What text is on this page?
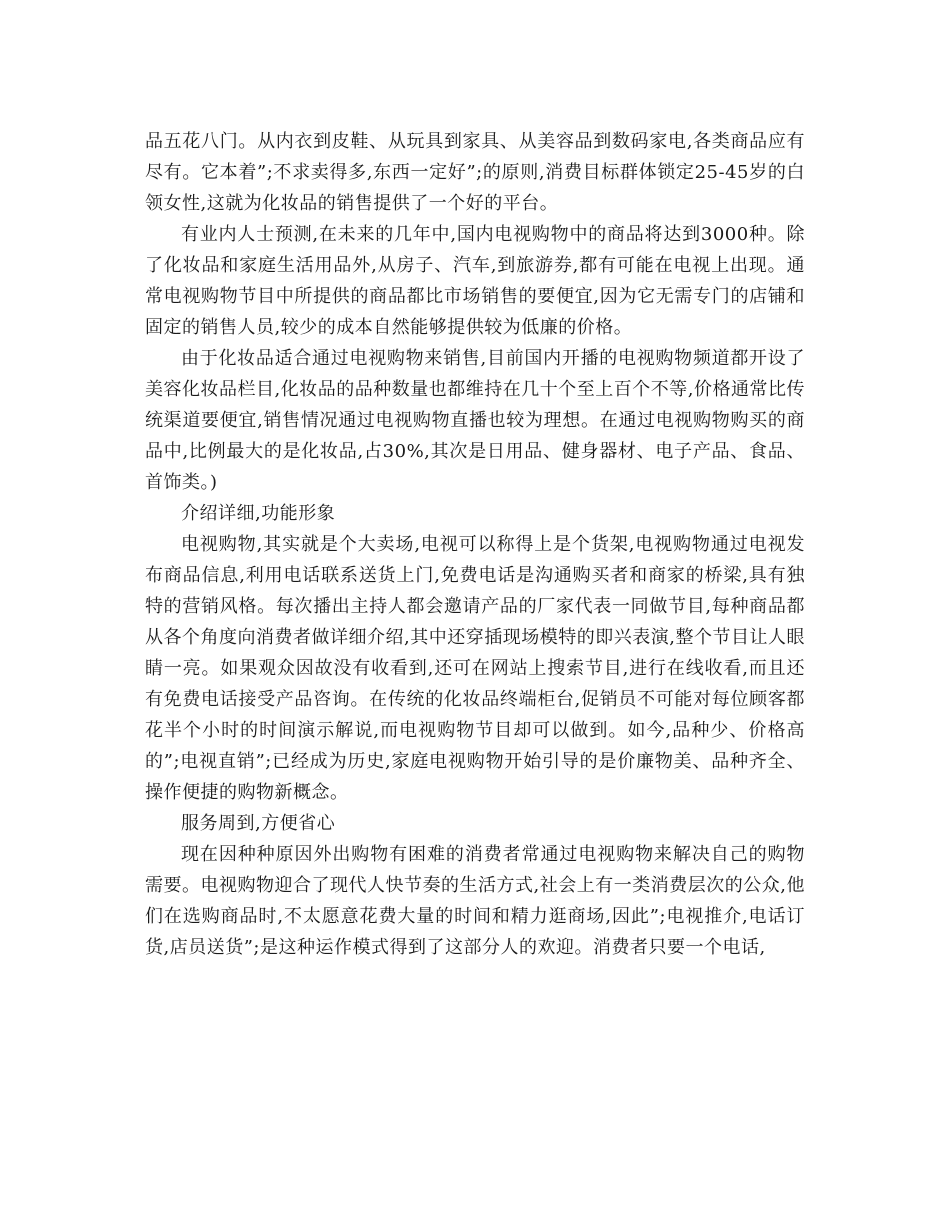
品五花八门。从内衣到皮鞋、从玩具到家具、从美容品到数码家电,各类商品应有尽有。它本着”;不求卖得多,东西一定好”;的原则,消费目标群体锁定25-45岁的白领女性,这就为化妆品的销售提供了一个好的平台。

有业内人士预测,在未来的几年中,国内电视购物中的商品将达到3000种。除了化妆品和家庭生活用品外,从房子、汽车,到旅游券,都有可能在电视上出现。通常电视购物节目中所提供的商品都比市场销售的要便宜,因为它无需专门的店铺和固定的销售人员,较少的成本自然能够提供较为低廉的价格。

由于化妆品适合通过电视购物来销售,目前国内开播的电视购物频道都开设了美容化妆品栏目,化妆品的品种数量也都维持在几十个至上百个不等,价格通常比传统渠道要便宜,销售情况通过电视购物直播也较为理想。在通过电视购物购买的商品中,比例最大的是化妆品,占30%,其次是日用品、健身器材、电子产品、食品、首饰类。)

介绍详细,功能形象

电视购物,其实就是个大卖场,电视可以称得上是个货架,电视购物通过电视发布商品信息,利用电话联系送货上门,免费电话是沟通购买者和商家的桥梁,具有独特的营销风格。每次播出主持人都会邀请产品的厂家代表一同做节目,每种商品都从各个角度向消费者做详细介绍,其中还穿插现场模特的即兴表演,整个节目让人眼睛一亮。如果观众因故没有收看到,还可在网站上搜索节目,进行在线收看,而且还有免费电话接受产品咨询。在传统的化妆品终端柜台,促销员不可能对每位顾客都花半个小时的时间演示解说,而电视购物节目却可以做到。如今,品种少、价格高的”;电视直销”;已经成为历史,家庭电视购物开始引导的是价廉物美、品种齐全、操作便捷的购物新概念。

服务周到,方便省心

现在因种种原因外出购物有困难的消费者常通过电视购物来解决自己的购物需要。电视购物迎合了现代人快节奏的生活方式,社会上有一类消费层次的公众,他们在选购商品时,不太愿意花费大量的时间和精力逛商场,因此”;电视推介,电话订货,店员送货”;是这种运作模式得到了这部分人的欢迎。消费者只要一个电话,
